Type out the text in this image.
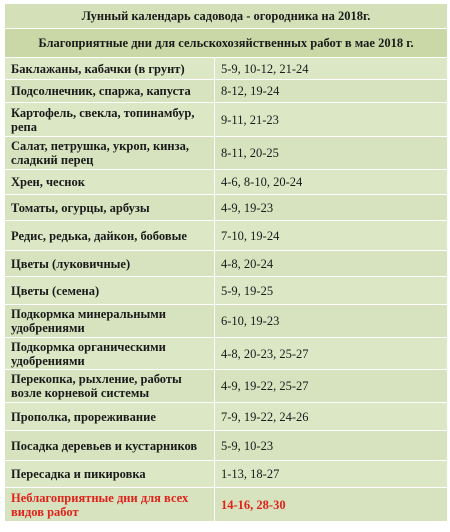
Лунный календарь садовода - огородника на 2018г.	
Благоприятные дни для сельскохозяйственных работ в мае 2018 г.	
Баклажаны, кабачки (в грунт)	5-9, 10-12, 21-24
Подсолнечник, спаржа, капуста	8-12, 19-24
Картофель, свекла, топинамбур, репа	9-11, 21-23
Салат, петрушка, укроп, кинза, сладкий перец	8-11, 20-25
Хрен, чеснок	4-6, 8-10, 20-24
Томаты, огурцы, арбузы	4-9, 19-23
Редис, редька, дайкон, бобовые	7-10, 19-24
Цветы (луковичные)	4-8, 20-24
Цветы (семена)	5-9, 19-25
Подкормка минеральными удобрениями	6-10, 19-23
Подкормка органическими удобрениями	4-8, 20-23, 25-27
Перекопка, рыхление, работы возле корневой системы	4-9, 19-22, 25-27
Прополка, прореживание	7-9, 19-22, 24-26
Посадка деревьев и кустарников	5-9, 10-23
Пересадка и пикировка	1-13, 18-27
Неблагоприятные дни для всех видов работ	14-16, 28-30
